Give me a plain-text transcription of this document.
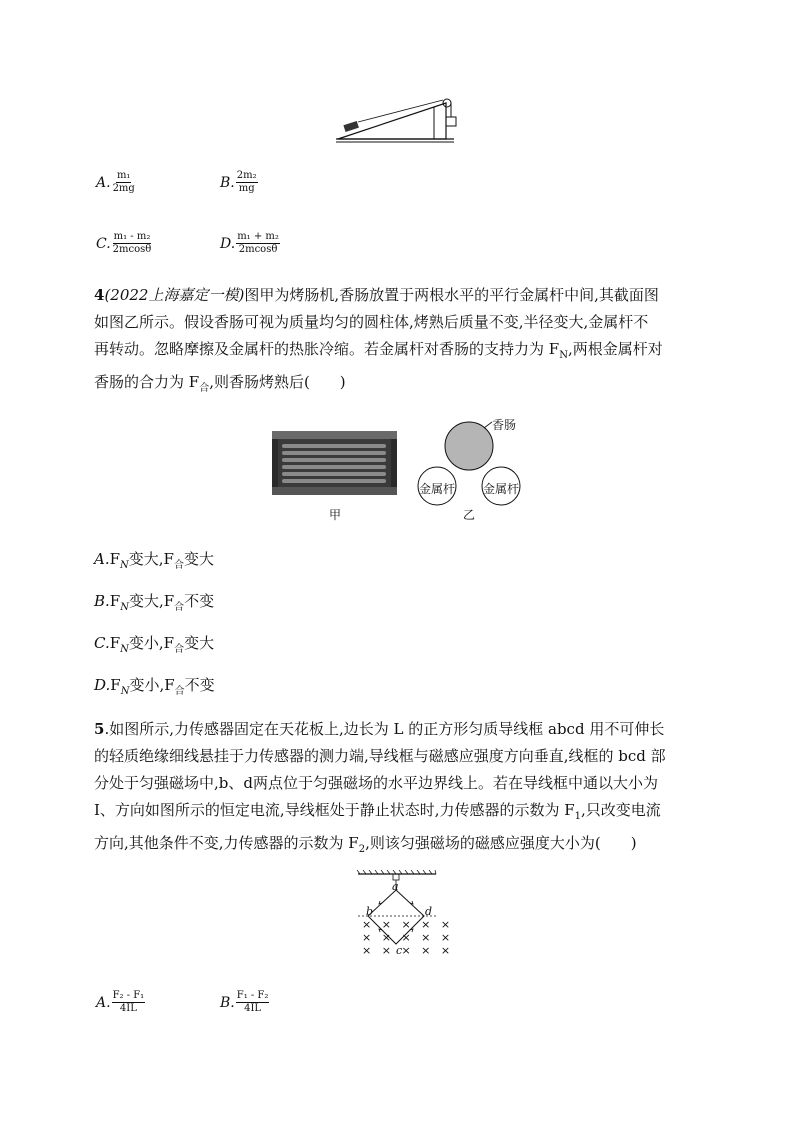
A. $\frac{\text{m₁}}{2mg}$	B. $\frac{\text{2m₂}}{mg}$
C. $\frac{\text{m₁ - m₂}}{2mcos\theta}$	D. $\frac{\text{m₁ + m₂}}{2mcos\theta}$
4(2022上海嘉定一模)图甲为烤肠机,香肠放置于两根水平的平行金属杆中间,其截面图
如图乙所示。假设香肠可视为质量均匀的圆柱体,烤熟后质量不变,半径变大,金属杆不
再转动。忽略摩擦及金属杆的热胀冷缩。若金属杆对香肠的支持力为 $F_N$,两根金属杆对
香肠的合力为 $F_合$,则香肠烤熟后(　　)
甲
香肠
金属杆 金属杆
乙
$A.F_N$变大$,F_合$变大
$B.F_N$变大$,F_合$不变
$C.F_N$变小$,F_合$变大
$D.F_N$变小$,F_合$不变
5.如图所示,力传感器固定在天花板上,边长为 L 的正方形匀质导线框 abcd 用不可伸长
的轻质绝缘细线悬挂于力传感器的测力端,导线框与磁感应强度方向垂直,线框的 bcd 部
分处于匀强磁场中,b、d两点位于匀强磁场的水平边界线上。若在导线框中通以大小为
I、方向如图所示的恒定电流,导线框处于静止状态时,力传感器的示数为 $F_1$,只改变电流
方向,其他条件不变,力传感器的示数为 $F_2$,则该匀强磁场的磁感应强度大小为(　　)
a
b	d
c
× × × × ×
× × × × ×
× × × × ×
A. $\frac{\text{F₂ - F₁}}{4IL}$	B. $\frac{\text{F₁ - F₂}}{4IL}$
